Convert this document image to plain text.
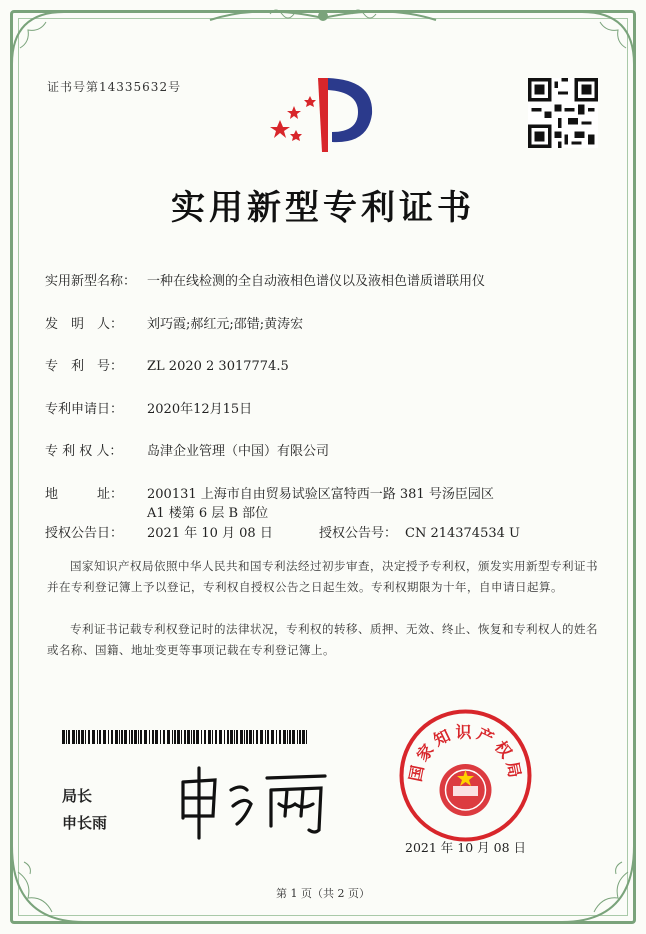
证书号第14335632号
实用新型专利证书
实用新型名称： 一种在线检测的全自动液相色谱仪以及液相色谱质谱联用仪
发　明　人： 刘巧霞;郝红元;邵错;黄涛宏
专　利　号： ZL 2020 2 3017774.5
专利申请日： 2020年12月15日
专 利 权 人： 岛津企业管理（中国）有限公司
地　　　址： 200131 上海市自由贸易试验区富特西一路 381 号汤臣园区
A1 楼第 6 层 B 部位
授权公告日： 2021 年 10 月 08 日	授权公告号： CN 214374534 U
国家知识产权局依照中华人民共和国专利法经过初步审查，决定授予专利权，颁发实用新型专利证书并在专利登记簿上予以登记，专利权自授权公告之日起生效。专利权期限为十年，自申请日起算。
专利证书记载专利权登记时的法律状况，专利权的转移、质押、无效、终止、恢复和专利权人的姓名或名称、国籍、地址变更等事项记载在专利登记簿上。
局长
申长雨
国家知识产权局
2021 年 10 月 08 日
第 1 页（共 2 页）
